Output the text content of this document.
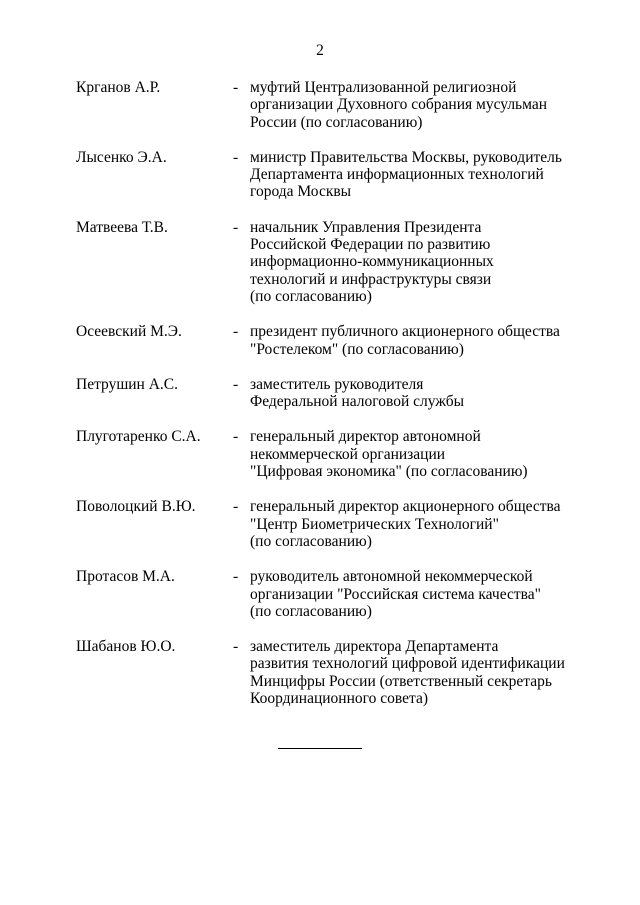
2
Крганов А.Р.	- муфтий Централизованной религиозной
организации Духовного собрания мусульман
России (по согласованию)
Лысенко Э.А.	- министр Правительства Москвы, руководитель
Департамента информационных технологий
города Москвы
Матвеева Т.В.	- начальник Управления Президента
Российской Федерации по развитию
информационно-коммуникационных
технологий и инфраструктуры связи
(по согласованию)
Осеевский М.Э.	- президент публичного акционерного общества
"Ростелеком" (по согласованию)
Петрушин А.С.	- заместитель руководителя
Федеральной налоговой службы
Плуготаренко С.А.	- генеральный директор автономной
некоммерческой организации
"Цифровая экономика" (по согласованию)
Поволоцкий В.Ю.	- генеральный директор акционерного общества
"Центр Биометрических Технологий"
(по согласованию)
Протасов М.А.	- руководитель автономной некоммерческой
организации "Российская система качества"
(по согласованию)
Шабанов Ю.О.	- заместитель директора Департамента
развития технологий цифровой идентификации
Минцифры России (ответственный секретарь
Координационного совета)
